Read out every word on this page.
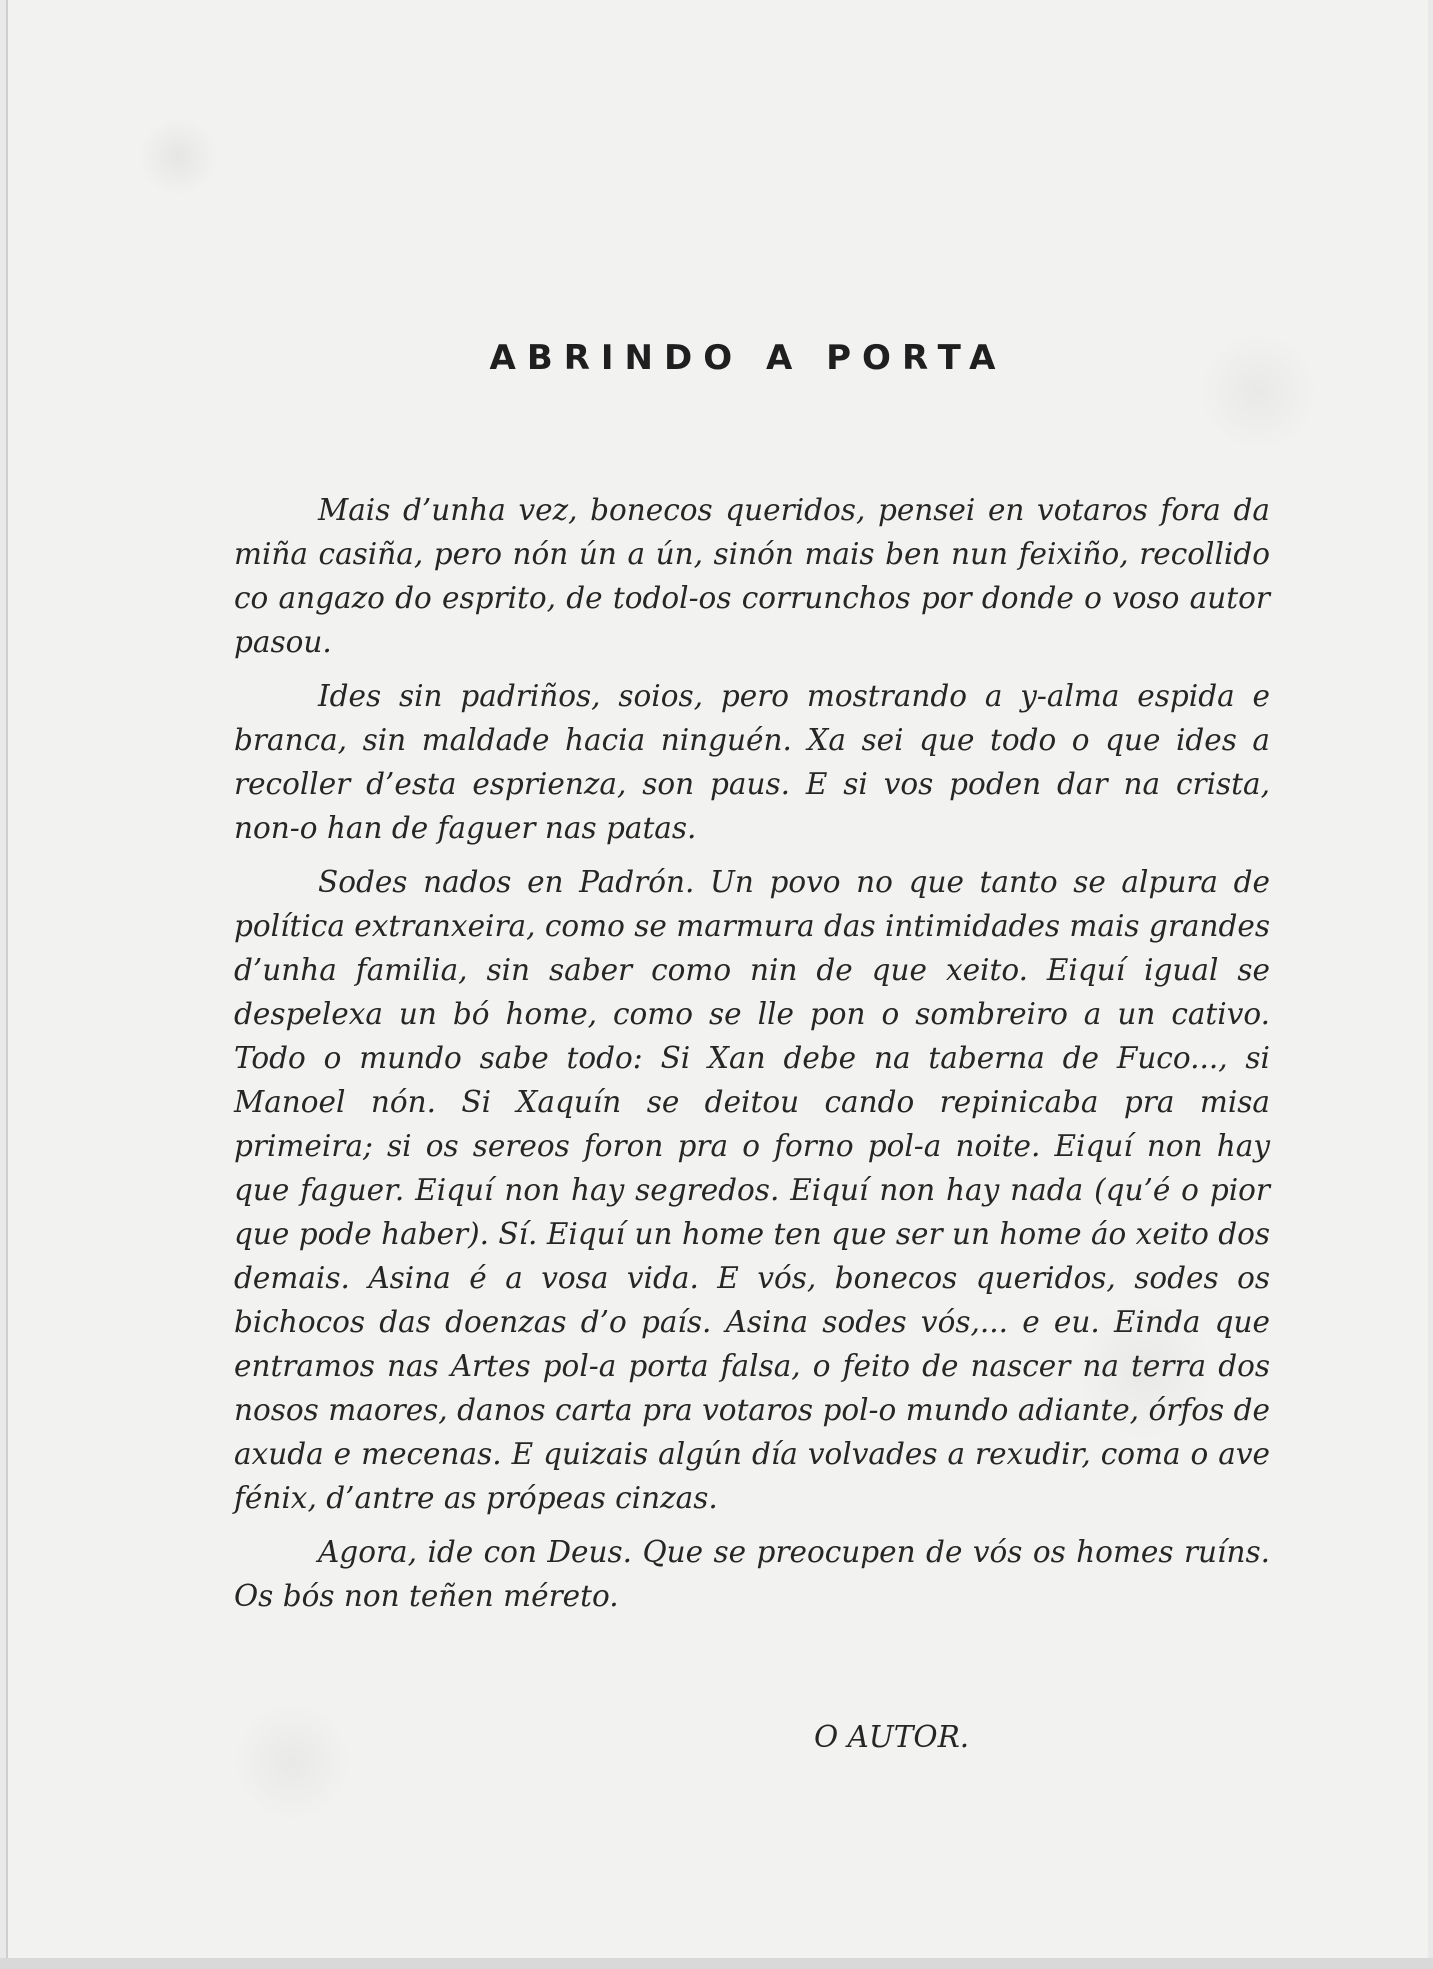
ABRINDO A PORTA

Mais d’unha vez, bonecos queridos, pensei en votaros fora da miña casiña, pero nón ún a ún, sinón mais ben nun feixiño, recollido co angazo do esprito, de todol-os corrunchos por donde o voso autor pasou.

Ides sin padriños, soios, pero mostrando a y-alma espida e branca, sin maldade hacia ninguén. Xa sei que todo o que ides a recoller d’esta esprienza, son paus. E si vos poden dar na crista, non-o han de faguer nas patas.

Sodes nados en Padrón. Un povo no que tanto se alpura de política extranxeira, como se marmura das intimidades mais grandes d’unha familia, sin saber como nin de que xeito. Eiquí igual se despelexa un bó home, como se lle pon o sombreiro a un cativo. Todo o mundo sabe todo: Si Xan debe na taberna de Fuco..., si Manoel nón. Si Xaquín se deitou cando repinicaba pra misa primeira; si os sereos foron pra o forno pol-a noite. Eiquí non hay que faguer. Eiquí non hay segredos. Eiquí non hay nada (qu’é o pior que pode haber). Sí. Eiquí un home ten que ser un home áo xeito dos demais. Asina é a vosa vida. E vós, bonecos queridos, sodes os bichocos das doenzas d’o país. Asina sodes vós,... e eu. Einda que entramos nas Artes pol-a porta falsa, o feito de nascer na terra dos nosos maores, danos carta pra votaros pol-o mundo adiante, órfos de axuda e mecenas. E quizais algún día volvades a rexudir, coma o ave fénix, d’antre as própeas cinzas.

Agora, ide con Deus. Que se preocupen de vós os homes ruíns. Os bós non teñen méreto.

O AUTOR.
